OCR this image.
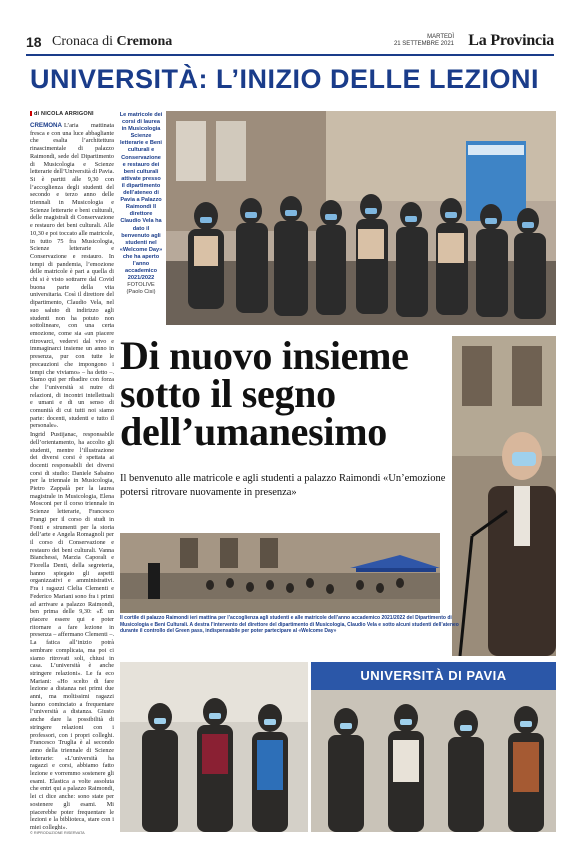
18 Cronaca di Cremona	MARTEDÌ
21 SETTEMBRE 2021 La Provincia
UNIVERSITÀ: L’INIZIO DELLE LEZIONI
di NICOLA ARRIGONI

CREMONA L’aria mattinata fresca e con una luce abbagliante che esalta l’architettura rinascimentale di palazzo Raimondi, sede del Dipartimento di Musicologia e Scienze letterarie dell’Università di Pavia. Si è partiti alle 9,30 con l’accoglienza degli studenti del secondo e terzo anno delle triennali in Musicologia e Scienze letterarie e beni culturali, delle magistrali di Conservazione e restauro dei beni culturali. Alle 10,30 e poi toccato alle matricole, in tutto 75 fra Musicologia, Scienze letterarie e Conservazione e restauro. In tempi di pandemia, l’emozione delle matricole è pari a quella di chi si è visto sottrarre dal Covid buona parte della vita universitaria. Così il direttore del dipartimento, Claudio Vela, nel suo saluto di indirizzo agli studenti non ha potuto non sottolineare, con una certa emozione, come sia «un piacere ritrovarci, vedervi dal vivo e immaginarci insieme un anno in presenza, pur con tutte le precauzioni che impongono i tempi che viviamo» – ha detto –. Siamo qui per ribadire con forza che l’università si nutre di relazioni, di incontri intellettuali e umani e di un senso di comunità di cui tutti noi siamo parte: docenti, studenti e tutto il personale».

Ingrid Pustijanac, responsabile dell’orientamento, ha accolto gli studenti, mentre l’illustrazione dei diversi corsi è spettata ai docenti responsabili dei diversi corsi di studio: Daniele Sabaino per la triennale in Musicologia, Pietro Zappalà per la laurea magistrale in Musicologia, Elena Mosconi per il corso triennale in Scienze letterarie, Francesco Frangi per il corso di studi in Fonti e strumenti per la storia dell’arte e Angela Romagnoli per il corso di Conservazione e restauro dei beni culturali. Vanna Bianchessi, Marzia Caporali e Fiorella Denti, della segreteria, hanno spiegato gli aspetti organizzativi e amministrativi. Fra i ragazzi Clelia Clementi e Federico Mariani sono fra i primi ad arrivare a palazzo Raimondi, ben prima delle 9,30: «È un piacere essere qui e poter ritornare a fare lezione in presenza – affermano Clementi –. La fatica all’inizio potrà sembrare complicata, ma poi ci siamo ritrovati soli, chiusi in casa. L’università è anche stringere relazioni». Le fa eco Mariani: «Ho scelto di fare lezione a distanza nei primi due anni, ma moltissimi ragazzi hanno cominciato a frequentare l’università a distanza. Giusto anche dare la possibilità di stringere relazioni con i professori, con i propri colleghi. Francesco Truglia è al secondo anno della triennale di Scienze letterarie: «L’università ha ragazzi e corsi, abbiamo fatto lezione e vorremmo sostenere gli esami. Elastica a volte assoluta che entri qui a palazzo Raimondi, lei ci dice anche: sono state per sostenere gli esami. Mi piacerebbe poter frequentare le lezioni e la biblioteca, stare con i miei colleghi».

© RIPRODUZIONE RISERVATA
Le matricole dei corsi di laurea in Musicologia Scienze letterarie e Beni culturali e Conservazione e restauro dei beni culturali attivate presso il dipartimento dell’ateneo di Pavia a Palazzo Raimondi Il direttore Claudio Vela ha dato il benvenuto agli studenti nel «Welcome Day» che ha aperto l’anno accademico 2021/2022 FOTOLIVE (Paolo Cisi)
Di nuovo insieme sotto il segno dell’umanesimo
Il benvenuto alle matricole e agli studenti a palazzo Raimondi «Un’emozione potersi ritrovare nuovamente in presenza»
Il cortile di palazzo Raimondi ieri mattina per l’accoglienza agli studenti e alle matricole dell’anno accademico 2021/2022 del Dipartimento di Musicologia e Beni Culturali. A destra l’intervento del direttore del dipartimento di Musicologia, Claudio Vela e sotto alcuni studenti dell’ateneo durante il controllo del Green pass, indispensabile per poter partecipare al «Welcome Day»
UNIVERSITÀ DI PAVIA
